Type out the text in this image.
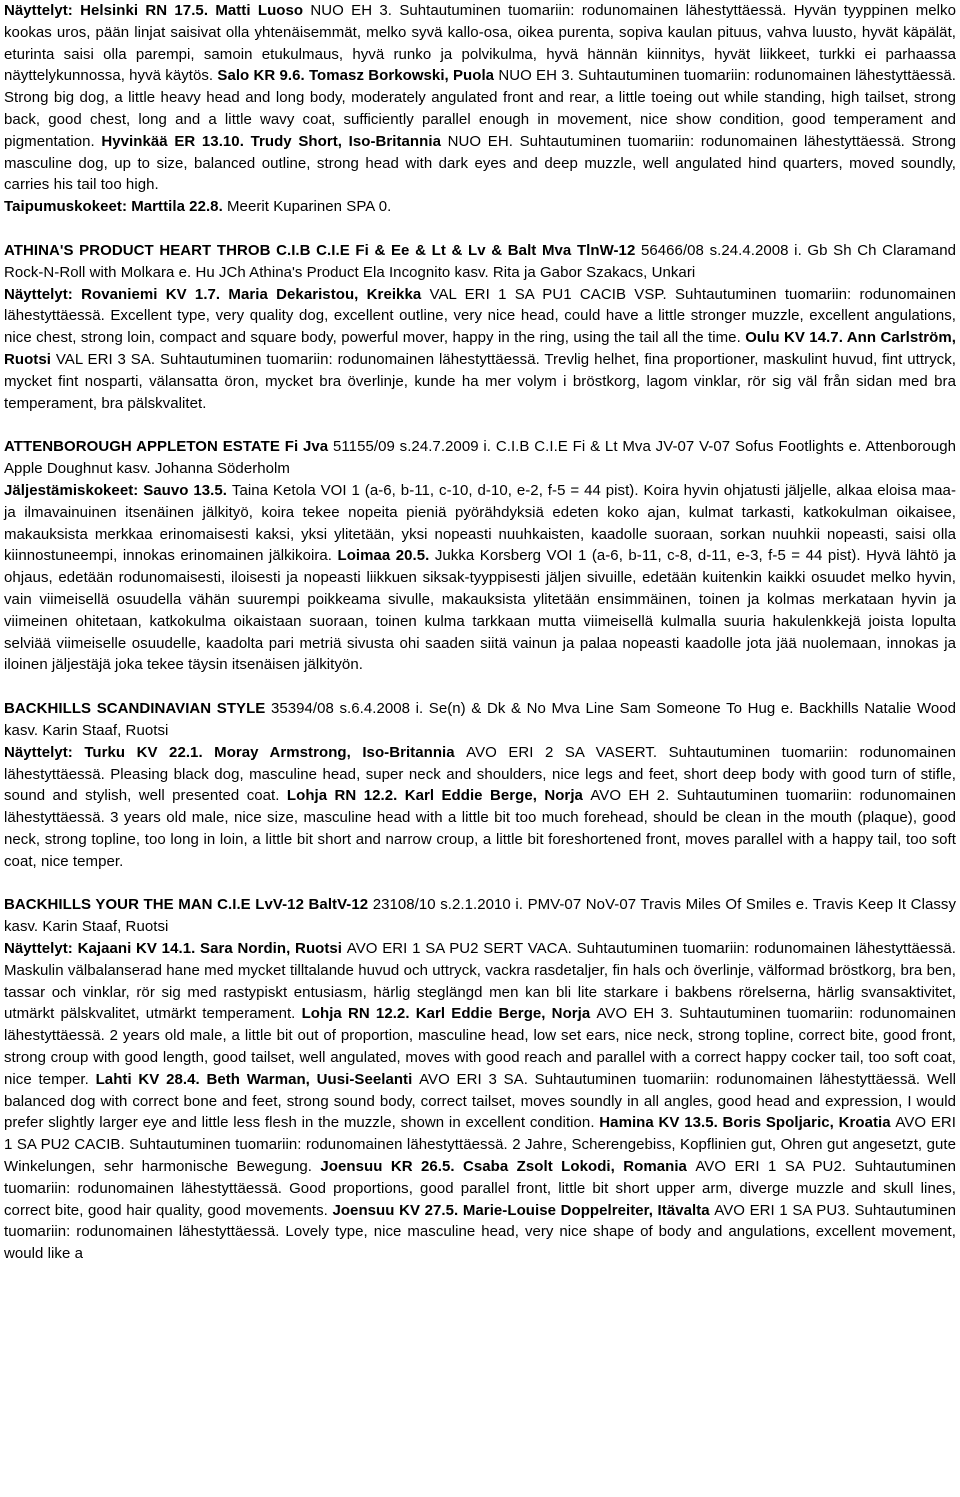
Näyttelyt: Helsinki RN 17.5. Matti Luoso NUO EH 3. Suhtautuminen tuomariin: rodunomainen lähestyttäessä. Hyvän tyyppinen melko kookas uros, pään linjat saisivat olla yhtenäisemmät, melko syvä kallo-osa, oikea purenta, sopiva kaulan pituus, vahva luusto, hyvät käpälät, eturinta saisi olla parempi, samoin etukulmaus, hyvä runko ja polvikulma, hyvä hännän kiinnitys, hyvät liikkeet, turkki ei parhaassa näyttelykunnossa, hyvä käytös. Salo KR 9.6. Tomasz Borkowski, Puola NUO EH 3. Suhtautuminen tuomariin: rodunomainen lähestyttäessä. Strong big dog, a little heavy head and long body, moderately angulated front and rear, a little toeing out while standing, high tailset, strong back, good chest, long and a little wavy coat, sufficiently parallel enough in movement, nice show condition, good temperament and pigmentation. Hyvinkää ER 13.10. Trudy Short, Iso-Britannia NUO EH. Suhtautuminen tuomariin: rodunomainen lähestyttäessä. Strong masculine dog, up to size, balanced outline, strong head with dark eyes and deep muzzle, well angulated hind quarters, moved soundly, carries his tail too high.

Taipumuskokeet: Marttila 22.8. Meerit Kuparinen SPA 0.

ATHINA'S PRODUCT HEART THROB C.I.B C.I.E Fi & Ee & Lt & Lv & Balt Mva TlnW-12 56466/08 s.24.4.2008 i. Gb Sh Ch Claramand Rock-N-Roll with Molkara e. Hu JCh Athina's Product Ela Incognito kasv. Rita ja Gabor Szakacs, Unkari

Näyttelyt: Rovaniemi KV 1.7. Maria Dekaristou, Kreikka VAL ERI 1 SA PU1 CACIB VSP. Suhtautuminen tuomariin: rodunomainen lähestyttäessä. Excellent type, very quality dog, excellent outline, very nice head, could have a little stronger muzzle, excellent angulations, nice chest, strong loin, compact and square body, powerful mover, happy in the ring, using the tail all the time. Oulu KV 14.7. Ann Carlström, Ruotsi VAL ERI 3 SA. Suhtautuminen tuomariin: rodunomainen lähestyttäessä. Trevlig helhet, fina proportioner, maskulint huvud, fint uttryck, mycket fint nosparti, välansatta öron, mycket bra överlinje, kunde ha mer volym i bröstkorg, lagom vinklar, rör sig väl från sidan med bra temperament, bra pälskvalitet.

ATTENBOROUGH APPLETON ESTATE Fi Jva 51155/09 s.24.7.2009 i. C.I.B C.I.E Fi & Lt Mva JV-07 V-07 Sofus Footlights e. Attenborough Apple Doughnut kasv. Johanna Söderholm

Jäljestämiskokeet: Sauvo 13.5. Taina Ketola VOI 1 (a-6, b-11, c-10, d-10, e-2, f-5 = 44 pist). Koira hyvin ohjatusti jäljelle, alkaa eloisa maa- ja ilmavainuinen itsenäinen jälkityö, koira tekee nopeita pieniä pyörähdyksiä edeten koko ajan, kulmat tarkasti, katkokulman oikaisee, makauksista merkkaa erinomaisesti kaksi, yksi ylitetään, yksi nopeasti nuuhkaisten, kaadolle suoraan, sorkan nuuhkii nopeasti, saisi olla kiinnostuneempi, innokas erinomainen jälkikoira. Loimaa 20.5. Jukka Korsberg VOI 1 (a-6, b-11, c-8, d-11, e-3, f-5 = 44 pist). Hyvä lähtö ja ohjaus, edetään rodunomaisesti, iloisesti ja nopeasti liikkuen siksak-tyyppisesti jäljen sivuille, edetään kuitenkin kaikki osuudet melko hyvin, vain viimeisellä osuudella vähän suurempi poikkeama sivulle, makauksista ylitetään ensimmäinen, toinen ja kolmas merkataan hyvin ja viimeinen ohitetaan, katkokulma oikaistaan suoraan, toinen kulma tarkkaan mutta viimeisellä kulmalla suuria hakulenkkejä joista lopulta selviää viimeiselle osuudelle, kaadolta pari metriä sivusta ohi saaden siitä vainun ja palaa nopeasti kaadolle jota jää nuolemaan, innokas ja iloinen jäljestäjä joka tekee täysin itsenäisen jälkityön.

BACKHILLS SCANDINAVIAN STYLE 35394/08 s.6.4.2008 i. Se(n) & Dk & No Mva Line Sam Someone To Hug e. Backhills Natalie Wood kasv. Karin Staaf, Ruotsi

Näyttelyt: Turku KV 22.1. Moray Armstrong, Iso-Britannia AVO ERI 2 SA VASERT. Suhtautuminen tuomariin: rodunomainen lähestyttäessä. Pleasing black dog, masculine head, super neck and shoulders, nice legs and feet, short deep body with good turn of stifle, sound and stylish, well presented coat. Lohja RN 12.2. Karl Eddie Berge, Norja AVO EH 2. Suhtautuminen tuomariin: rodunomainen lähestyttäessä. 3 years old male, nice size, masculine head with a little bit too much forehead, should be clean in the mouth (plaque), good neck, strong topline, too long in loin, a little bit short and narrow croup, a little bit foreshortened front, moves parallel with a happy tail, too soft coat, nice temper.

BACKHILLS YOUR THE MAN C.I.E LvV-12 BaltV-12 23108/10 s.2.1.2010 i. PMV-07 NoV-07 Travis Miles Of Smiles e. Travis Keep It Classy kasv. Karin Staaf, Ruotsi

Näyttelyt: Kajaani KV 14.1. Sara Nordin, Ruotsi AVO ERI 1 SA PU2 SERT VACA. Suhtautuminen tuomariin: rodunomainen lähestyttäessä. Maskulin välbalanserad hane med mycket tilltalande huvud och uttryck, vackra rasdetaljer, fin hals och överlinje, välformad bröstkorg, bra ben, tassar och vinklar, rör sig med rastypiskt entusiasm, härlig steglängd men kan bli lite starkare i bakbens rörelserna, härlig svansaktivitet, utmärkt pälskvalitet, utmärkt temperament. Lohja RN 12.2. Karl Eddie Berge, Norja AVO EH 3. Suhtautuminen tuomariin: rodunomainen lähestyttäessä. 2 years old male, a little bit out of proportion, masculine head, low set ears, nice neck, strong topline, correct bite, good front, strong croup with good length, good tailset, well angulated, moves with good reach and parallel with a correct happy cocker tail, too soft coat, nice temper. Lahti KV 28.4. Beth Warman, Uusi-Seelanti AVO ERI 3 SA. Suhtautuminen tuomariin: rodunomainen lähestyttäessä. Well balanced dog with correct bone and feet, strong sound body, correct tailset, moves soundly in all angles, good head and expression, I would prefer slightly larger eye and little less flesh in the muzzle, shown in excellent condition. Hamina KV 13.5. Boris Spoljaric, Kroatia AVO ERI 1 SA PU2 CACIB. Suhtautuminen tuomariin: rodunomainen lähestyttäessä. 2 Jahre, Scherengebiss, Kopflinien gut, Ohren gut angesetzt, gute Winkelungen, sehr harmonische Bewegung. Joensuu KR 26.5. Csaba Zsolt Lokodi, Romania AVO ERI 1 SA PU2. Suhtautuminen tuomariin: rodunomainen lähestyttäessä. Good proportions, good parallel front, little bit short upper arm, diverge muzzle and skull lines, correct bite, good hair quality, good movements. Joensuu KV 27.5. Marie-Louise Doppelreiter, Itävalta AVO ERI 1 SA PU3. Suhtautuminen tuomariin: rodunomainen lähestyttäessä. Lovely type, nice masculine head, very nice shape of body and angulations, excellent movement, would like a
